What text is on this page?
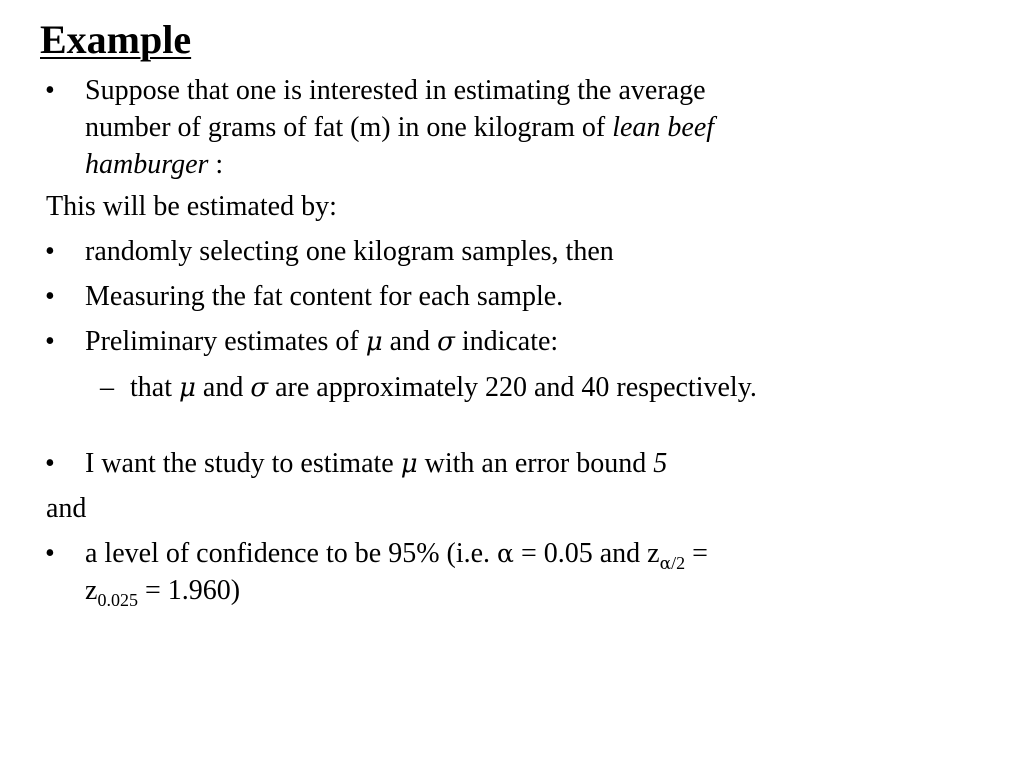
Example
• Suppose that one is interested in estimating the average
number of grams of fat (m) in one kilogram of lean beef
hamburger :
This will be estimated by:
• randomly selecting one kilogram samples, then
• Measuring the fat content for each sample.
• Preliminary estimates of μ and σ indicate:
– that μ and σ are approximately 220 and 40 respectively.
• I want the study to estimate μ with an error bound 5
and
• a level of confidence to be 95% (i.e. α = 0.05 and $z_{\alpha/2}$ =
$z_{0.025} = 1.960$)
